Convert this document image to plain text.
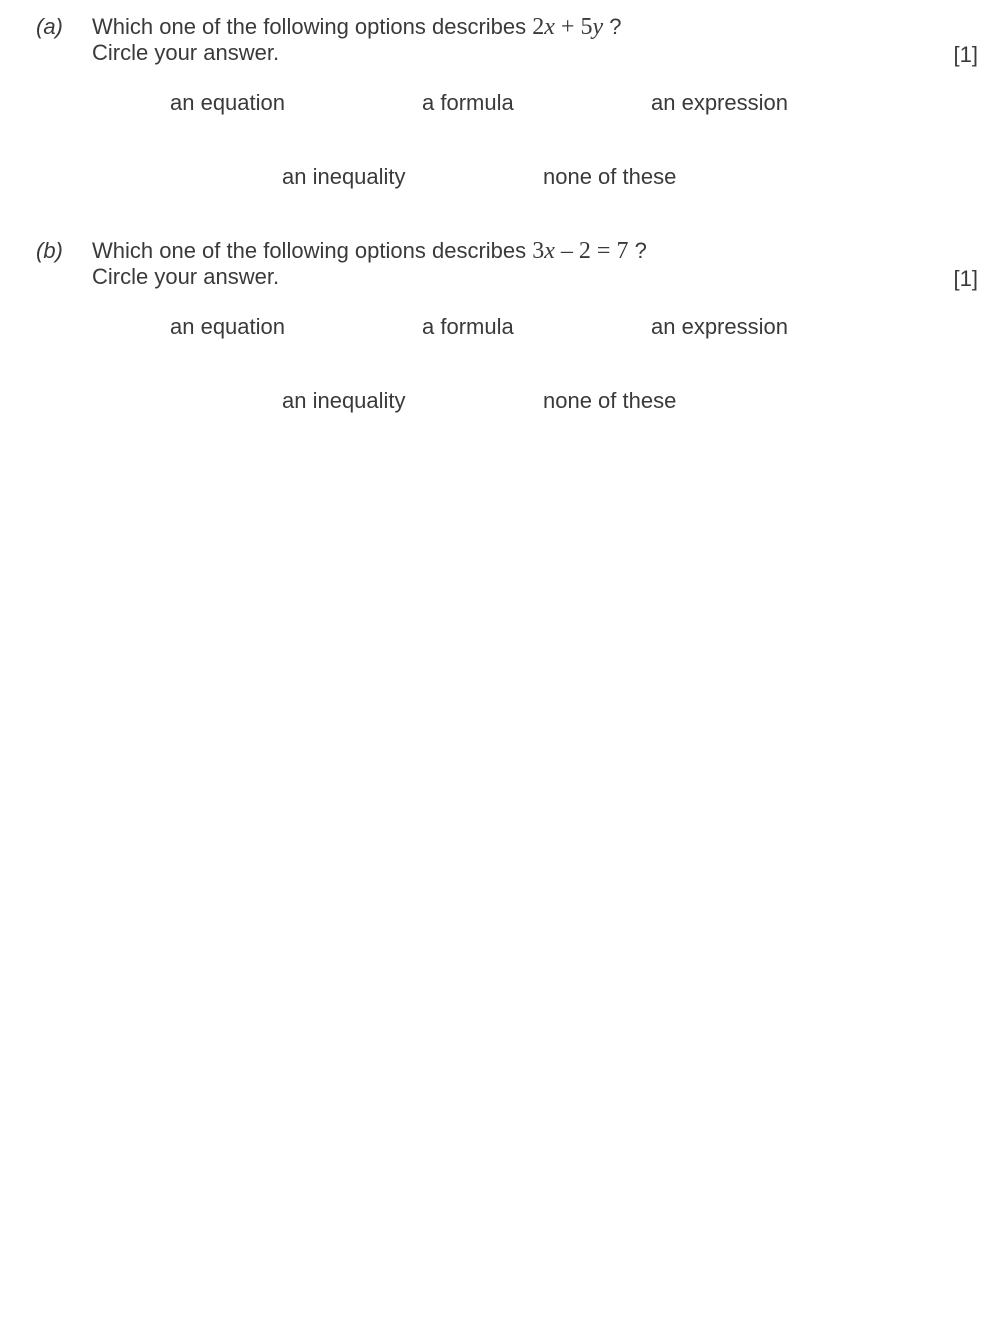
(a) Which one of the following options describes 2x + 5y ?
Circle your answer.	[1]
an equation	a formula	an expression
an inequality	none of these
(b) Which one of the following options describes 3x – 2 = 7 ?
Circle your answer.	[1]
an equation	a formula	an expression
an inequality	none of these
